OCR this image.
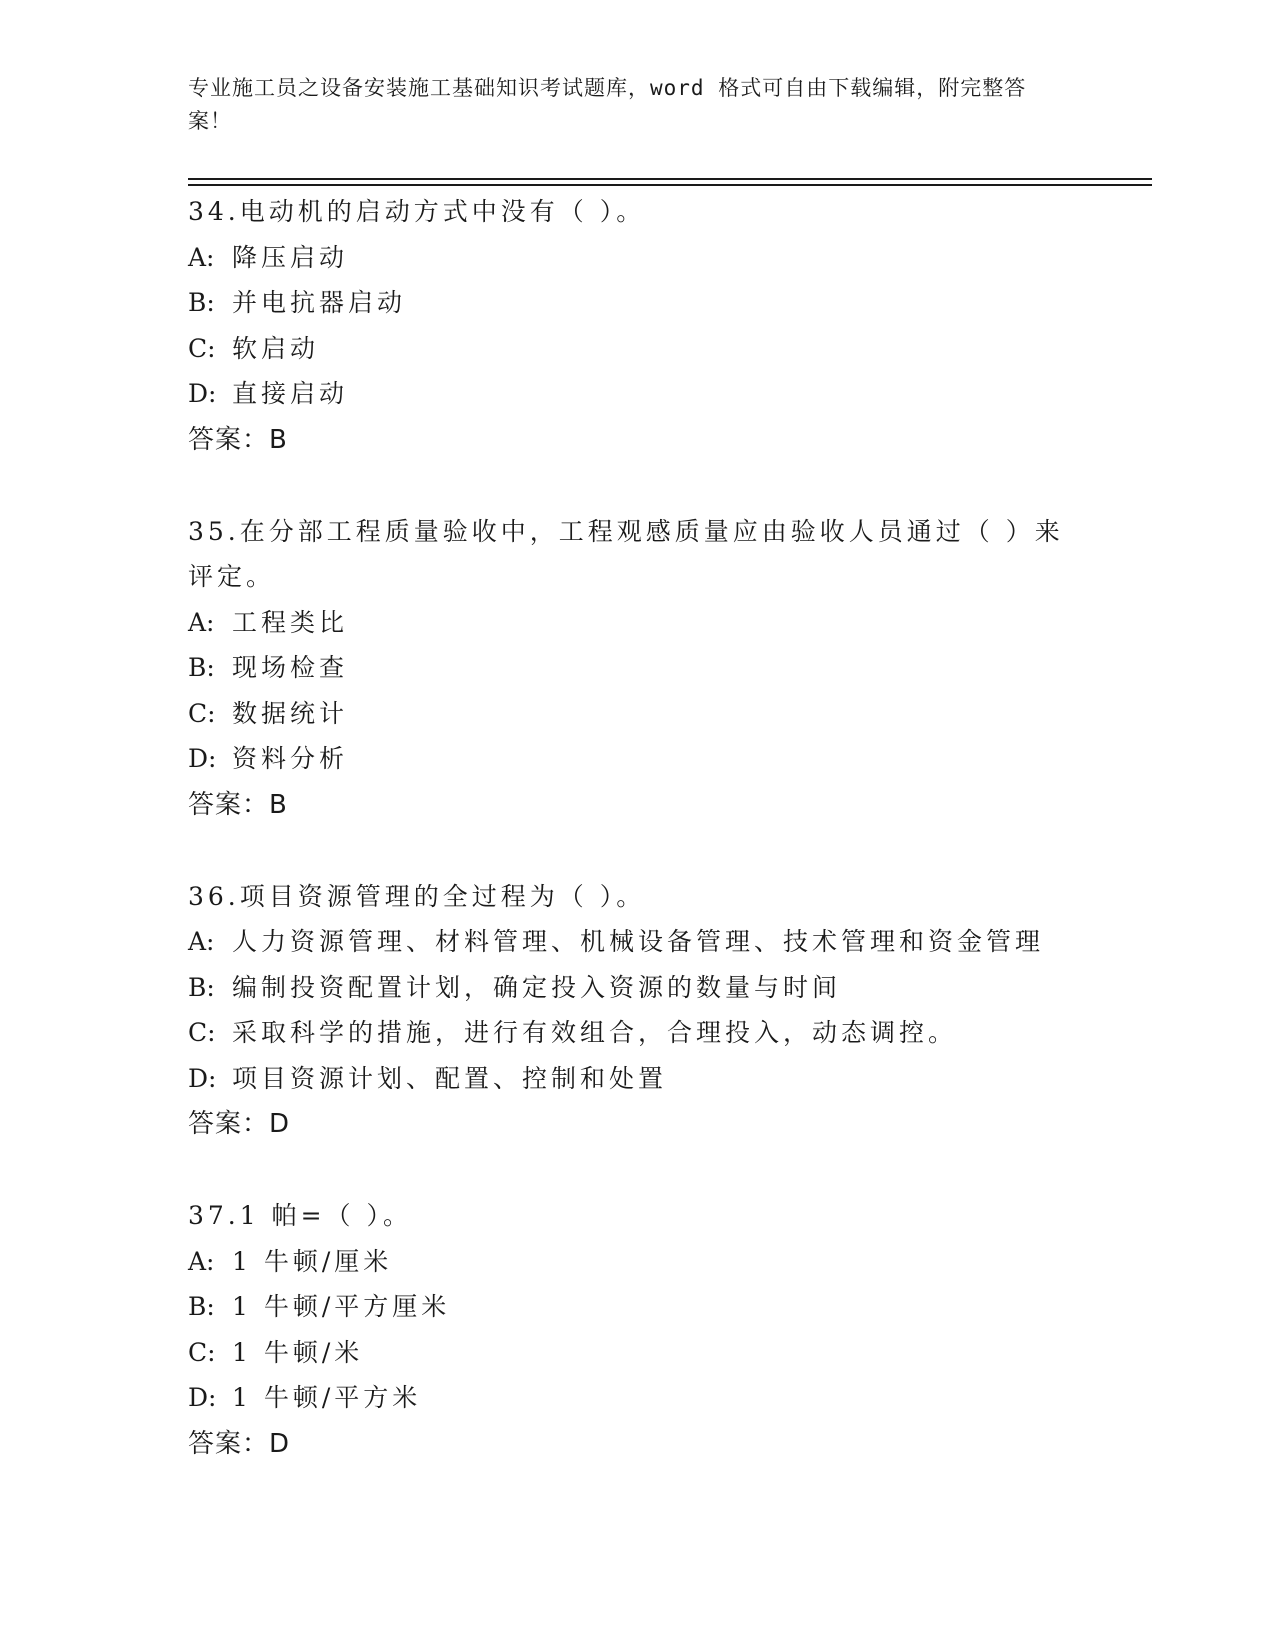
专业施工员之设备安装施工基础知识考试题库，word 格式可自由下载编辑，附完整答案！
34.电动机的启动方式中没有（ ）。
A: 降压启动
B: 并电抗器启动
C: 软启动
D: 直接启动
答案：B
35.在分部工程质量验收中，工程观感质量应由验收人员通过（ ）来评定。
A: 工程类比
B: 现场检查
C: 数据统计
D: 资料分析
答案：B
36.项目资源管理的全过程为（ ）。
A: 人力资源管理、材料管理、机械设备管理、技术管理和资金管理
B: 编制投资配置计划，确定投入资源的数量与时间
C: 采取科学的措施，进行有效组合，合理投入，动态调控。
D: 项目资源计划、配置、控制和处置
答案：D
37.1 帕=（ ）。
A: 1 牛顿/厘米
B: 1 牛顿/平方厘米
C: 1 牛顿/米
D: 1 牛顿/平方米
答案：D
